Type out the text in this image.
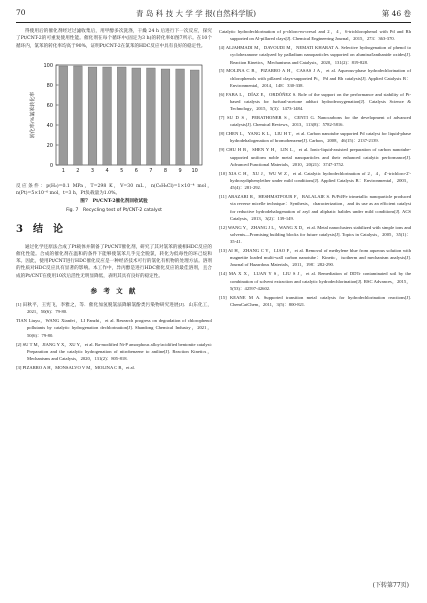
70	青 岛 科 技 大 学 学 报(自然科学版)	第 46 卷

得使用后的催化剂经过过滤收集后，用甲醇多次洗涤，干燥 24 h 后进行下一次反应，探究了Pt/CNT-2的可重复使用性能。催化剂在每个循环中(固定为3 h)的转化率如图7所示。在10个循环内，氯苯的转化率均高于90%，证明Pt/CNT-2在氯苯的HDC反应中具有良好的稳定性。

0
20
40
60
80
100
1 2 3 4 5 6 7 8 9 10
转化率/%氯苯转化率

反应条件：p(H₂)=0.1 MPa，T=298 K，V=30 mL，n(C₆H₅Cl)=1×10⁻⁴ mol，n(Pt)=5×10⁻⁶ mol，t=3 h，Pt负载量为1.0%。

图7　Pt/CNT-2催化剂回收试验

Fig. 7　Recycling test of Pt/CNT-2 catalyst

3　结　论

通过化学还原法合成了Pt载体并制备了Pt/CNT催化剂，研究了其对氯苯的液相HDC反应的催化性能。合成的催化剂在温和的条件下能够使氯苯几乎完全脱氯，转化为低毒性的环己烷和苯。因此，使用Pt/CNT进行HDC催化反应是一种经济技术可行的氯化有机物的处理方法。溶剂的性质对HDC反应具有显著的影响。本工作中，异丙醇是进行HDC催化反应的最佳溶剂，且合成的Pt/CNT在使用10次后活性无明显降低，表明其具有良好的稳定性。

参 考 文 献

[1] 田秋平，王宪飞，李雅之，等．催化加氢脱氯法降解氯酚类污染物研究进展[J]．山东化工，2021，50(6)：79-80.

TIAN Liuyu，WANG Xianfei，LI Fanzhi，et al. Research progress on degradation of chlorophenol pollutants by catalytic hydrogenation dechlorination[J]. Shandong Chemical Industry，2021，50(6)：79-80.

[2] SU T M，JIANG Y X，XU Y，et al. Ba-modified Ni-P amorphous alloy/acidified bentonite catalyst: Preparation and the catalytic hydrogenation of nitrobenzene to aniline[J]. Reaction Kinetics，Mechanisms and Catalysis，2020，131(2)：805-818.

[3] PIZARRO A H，MONSALVO V M，MOLINA C B，et al.

Catalytic hydrodechlorination of p-chloro-m-cresol and 2，4，6-trichlorophenol with Pd and Rh supported on Al-pillared clays[J]. Chemical Engineering Journal，2015，273：363-370.

[4] ALJAHMADI M，DAVOUDI M，NEMATI KHARAT A. Selective hydrogenation of phenol to cyclohexanone catalyzed by palladium nanoparticles supported on alumina/lanthanide oxides[J]. Reaction Kinetics，Mechanisms and Catalysis，2020，131(2)：819-828.

[5] MOLINA C B，PIZARRO A H，CASAS J A，et al. Aqueous-phase hydrodechlorination of chlorophenols with pillared clays-supported Pt，Pd and Rh catalysts[J]. Applied Catalysis B：Environmental，2014，148：330-338.

[6] FABA L，DÍAZ E，ORDÓÑEZ S. Role of the support on the performance and stability of Pt-based catalysts for furfural-acetone adduct hydrodeoxygenation[J]. Catalysis Science & Technology，2015，5(3)：1473-1484.

[7] SU D S，PERATHONER S，CENTI G. Nanocarbons for the development of advanced catalysts[J]. Chemical Reviews，2013，113(8)：5782-5816.

[8] CHEN L，YANG K L，LIU H T，et al. Carbon nanotube supported Pd catalyst for liquid-phase hydrodehalogenation of bromobenzene[J]. Carbon，2008，46(15)：2137-2139.

[9] CHU H B，SHEN Y H，LIN L，et al. Ionic-liquid-assisted preparation of carbon nanotube-supported uniform noble metal nanoparticles and their enhanced catalytic performance[J]. Advanced Functional Materials，2010，20(21)：3747-3752.

[10] XIA C H，XU J，WU W Z，et al. Catalytic hydrodechlorination of 2，4，4′-trichloro-2′-hydroxydiphenylether under mild conditions[J]. Applied Catalysis B：Environmental，2003，45(4)：281-292.

[11] ABAZARI R，HESHMATPOUR F，BALALAIE S. Pt/Pd/Fe trimetallic nanoparticle produced via reverse micelle technique：Synthesis，characterization，and its use as an efficient catalyst for reductive hydrodehalogenation of aryl and aliphatic halides under mild conditions[J]. ACS Catalysis，2013，3(2)：139-149.

[12] WANG Y，ZHANG J L，WANG X D，et al. Metal nanoclusters stabilized with simple ions and solvents—Promising building blocks for future catalysts[J]. Topics in Catalysis，2005，35(1)：35-41.

[13] AI H，ZHANG C Y，LIAO F，et al. Removal of methylene blue from aqueous solution with magnetite loaded multi-wall carbon nanotube：Kinetic，isotherm and mechanism analysis[J]. Journal of Hazardous Materials，2011，198：282-290.

[14] MA X X，LUAN Y S，LIU S J，et al. Remediation of DDTr contaminated soil by the combination of solvent extraction and catalytic hydrodechlorination[J]. RSC Advances，2015，5(53)：42597-42602.

[15] KEANE M A. Supported transition metal catalysts for hydrodechlorination reactions[J]. ChemCatChem，2011，3(5)：800-821.

(下转第77页)
